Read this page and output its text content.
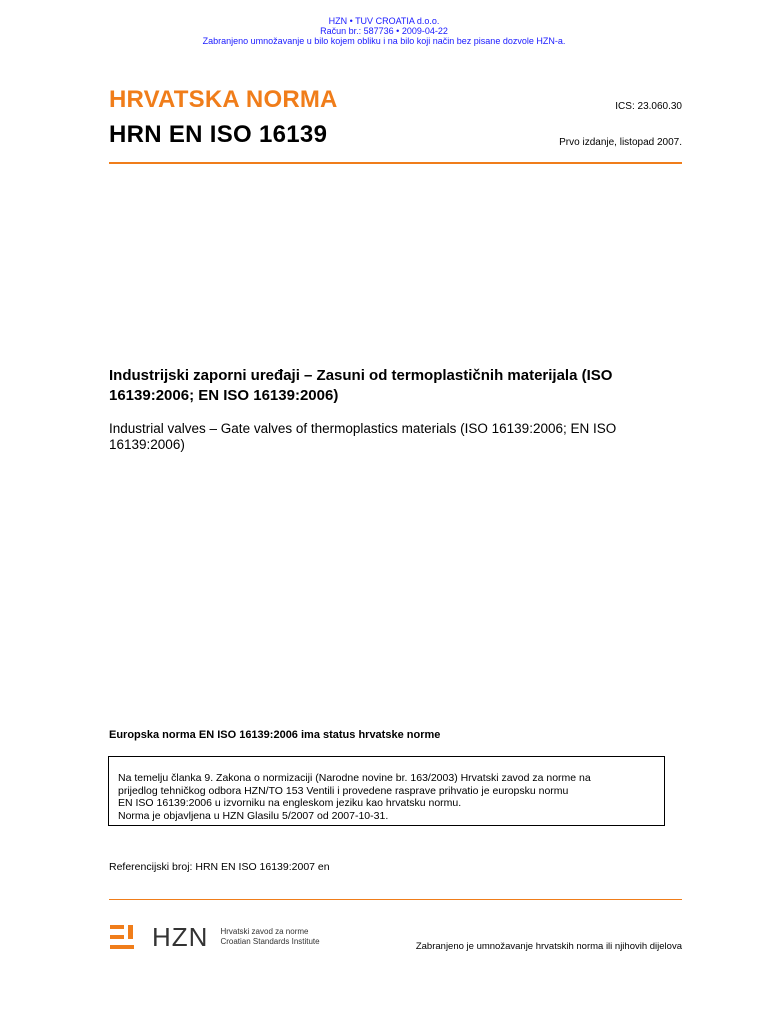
HZN • TUV CROATIA d.o.o.
Račun br.: 587736 • 2009-04-22
Zabranjeno umnožavanje u bilo kojem obliku i na bilo koji način bez pisane dozvole HZN-a.
HRVATSKA NORMA	ICS: 23.060.30
HRN EN ISO 16139	Prvo izdanje, listopad 2007.
Industrijski zaporni uređaji – Zasuni od termoplastičnih materijala (ISO 16139:2006; EN ISO 16139:2006)
Industrial valves – Gate valves of thermoplastics materials (ISO 16139:2006; EN ISO 16139:2006)
Europska norma EN ISO 16139:2006 ima status hrvatske norme
Na temelju članka 9. Zakona o normizaciji (Narodne novine br. 163/2003) Hrvatski zavod za norme na
prijedlog tehničkog odbora HZN/TO 153 Ventili i provedene rasprave prihvatio je europsku normu
EN ISO 16139:2006 u izvorniku na engleskom jeziku kao hrvatsku normu.
Norma je objavljena u HZN Glasilu 5/2007 od 2007-10-31.
Referencijski broj: HRN EN ISO 16139:2007 en
HZN Hrvatski zavod za norme
Croatian Standards Institute	Zabranjeno je umnožavanje hrvatskih norma ili njihovih dijelova
